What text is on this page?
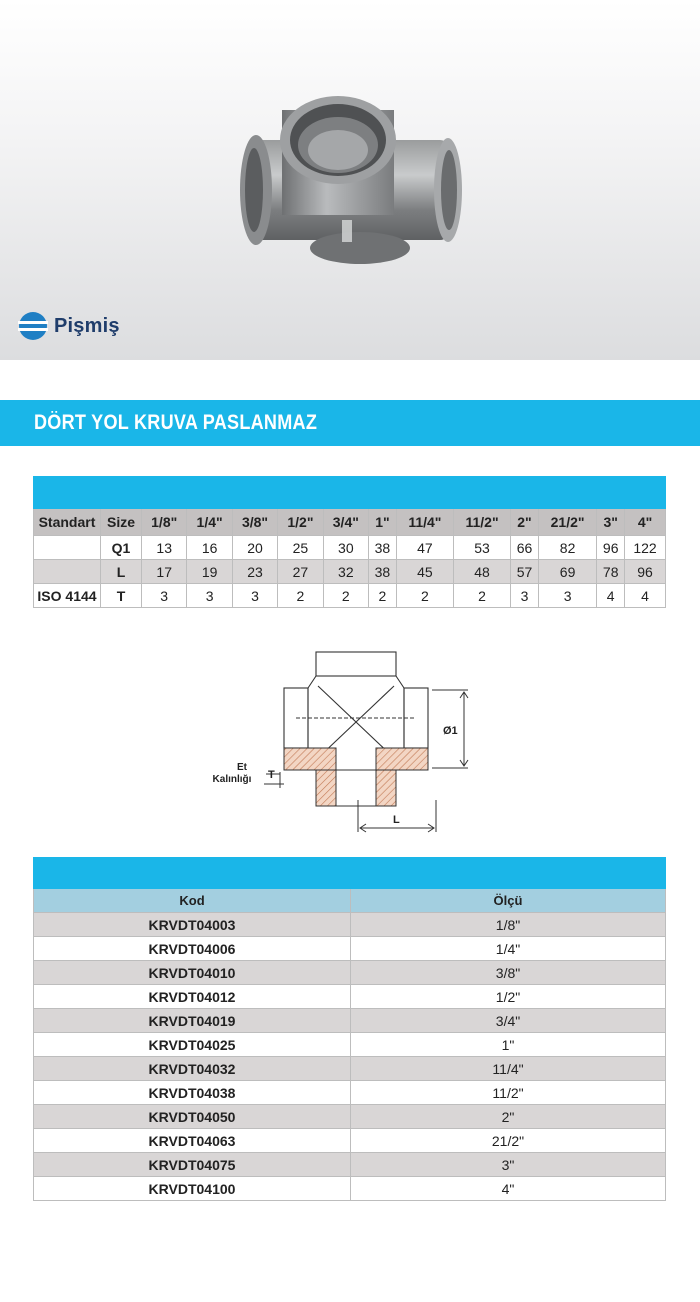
Pişmiş
DÖRT YOL KRUVA PASLANMAZ

Standart	Size	1/8"	1/4"	3/8"	1/2"	3/4"	1"	11/4"	11/2"	2"	21/2"	3"	4"
	Q1	13	16	20	25	30	38	47	53	66	82	96	122
	L	17	19	23	27	32	38	45	48	57	69	78	96
ISO 4144	T	3	3	3	2	2	2	2	2	3	3	4	4
Ø1
L
T
Et
Kalınlığı

Kod	Ölçü
KRVDT04003	1/8"
KRVDT04006	1/4"
KRVDT04010	3/8"
KRVDT04012	1/2"
KRVDT04019	3/4"
KRVDT04025	1"
KRVDT04032	11/4"
KRVDT04038	11/2"
KRVDT04050	2"
KRVDT04063	21/2"
KRVDT04075	3"
KRVDT04100	4"
